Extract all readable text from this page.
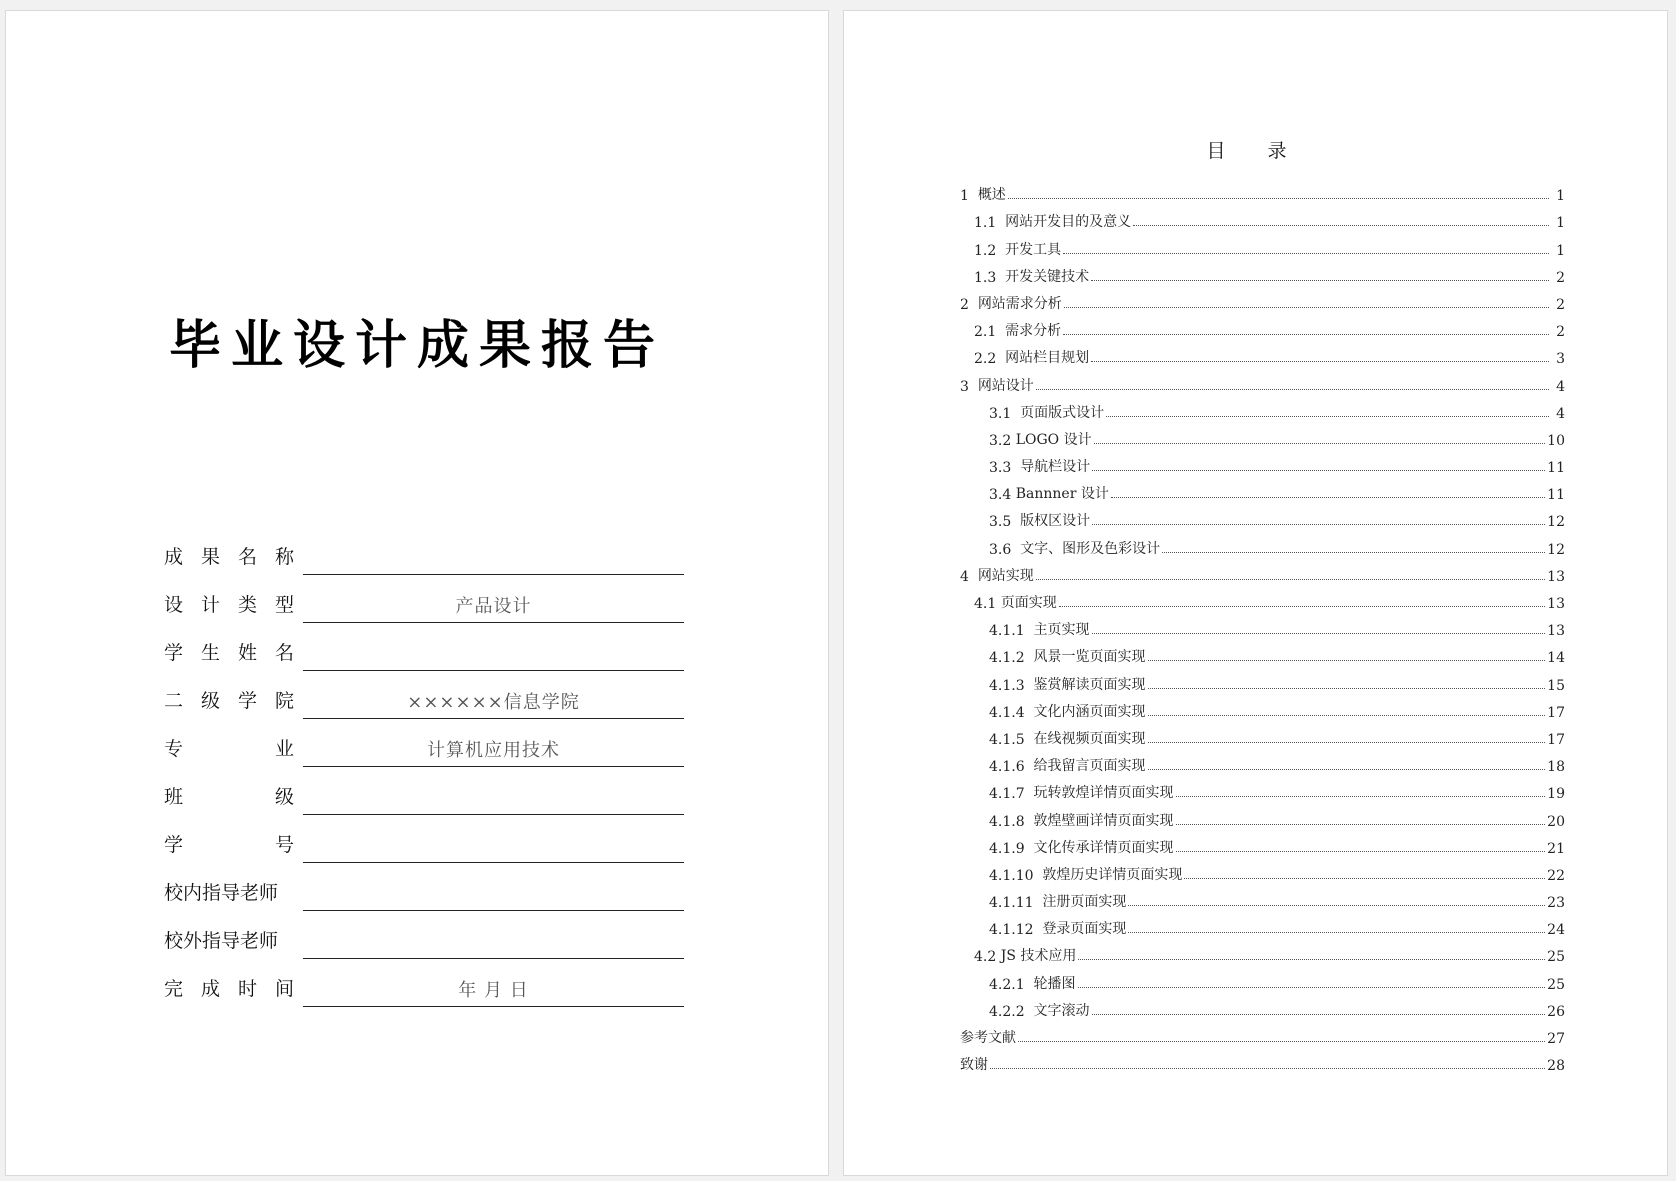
毕业设计成果报告
成 果 名 称
设 计 类 型	产品设计
学 生 姓 名
二 级 学 院	××××××信息学院
专	业	计算机应用技术
班	级
学	号
校内指导老师
校外指导老师
完 成 时 间	年 月 日
目 录
1 概述	1
1.1 网站开发目的及意义	1
1.2 开发工具	1
1.3 开发关键技术	2
2 网站需求分析	2
2.1 需求分析	2
2.2 网站栏目规划	3
3 网站设计	4
3.1 页面版式设计	4
3.2 LOGO 设计	10
3.3 导航栏设计	11
3.4 Bannner 设计	11
3.5 版权区设计	12
3.6 文字、图形及色彩设计	12
4 网站实现	13
4.1 页面实现	13
4.1.1 主页实现	13
4.1.2 风景一览页面实现	14
4.1.3 鉴赏解读页面实现	15
4.1.4 文化内涵页面实现	17
4.1.5 在线视频页面实现	17
4.1.6 给我留言页面实现	18
4.1.7 玩转敦煌详情页面实现	19
4.1.8 敦煌壁画详情页面实现	20
4.1.9 文化传承详情页面实现	21
4.1.10 敦煌历史详情页面实现	22
4.1.11 注册页面实现	23
4.1.12 登录页面实现	24
4.2 JS 技术应用	25
4.2.1 轮播图	25
4.2.2 文字滚动	26
参考文献	27
致谢	28
